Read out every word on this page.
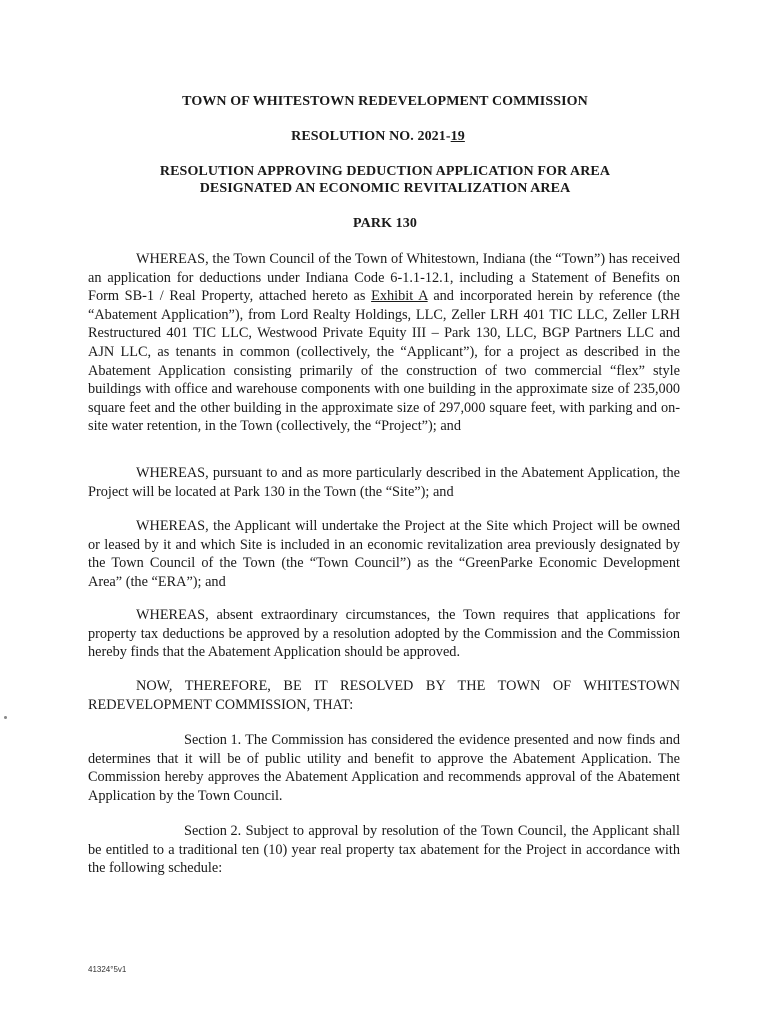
TOWN OF WHITESTOWN REDEVELOPMENT COMMISSION
RESOLUTION NO. 2021-19
RESOLUTION APPROVING DEDUCTION APPLICATION FOR AREA
DESIGNATED AN ECONOMIC REVITALIZATION AREA
PARK 130

WHEREAS, the Town Council of the Town of Whitestown, Indiana (the “Town”) has received an application for deductions under Indiana Code 6-1.1-12.1, including a Statement of Benefits on Form SB-1 / Real Property, attached hereto as Exhibit A and incorporated herein by reference (the “Abatement Application”), from Lord Realty Holdings, LLC, Zeller LRH 401 TIC LLC, Zeller LRH Restructured 401 TIC LLC, Westwood Private Equity III – Park 130, LLC, BGP Partners LLC and AJN LLC, as tenants in common (collectively, the “Applicant”), for a project as described in the Abatement Application consisting primarily of the construction of two commercial “flex” style buildings with office and warehouse components with one building in the approximate size of 235,000 square feet and the other building in the approximate size of 297,000 square feet, with parking and on-site water retention, in the Town (collectively, the “Project”); and

WHEREAS, pursuant to and as more particularly described in the Abatement Application, the Project will be located at Park 130 in the Town (the “Site”); and

WHEREAS, the Applicant will undertake the Project at the Site which Project will be owned or leased by it and which Site is included in an economic revitalization area previously designated by the Town Council of the Town (the “Town Council”) as the “GreenParke Economic Development Area” (the “ERA”); and

WHEREAS, absent extraordinary circumstances, the Town requires that applications for property tax deductions be approved by a resolution adopted by the Commission and the Commission hereby finds that the Abatement Application should be approved.

NOW, THEREFORE, BE IT RESOLVED BY THE TOWN OF WHITESTOWN REDEVELOPMENT COMMISSION, THAT:

Section 1. The Commission has considered the evidence presented and now finds and determines that it will be of public utility and benefit to approve the Abatement Application. The Commission hereby approves the Abatement Application and recommends approval of the Abatement Application by the Town Council.

Section 2. Subject to approval by resolution of the Town Council, the Applicant shall be entitled to a traditional ten (10) year real property tax abatement for the Project in accordance with the following schedule:

41324°5v1
